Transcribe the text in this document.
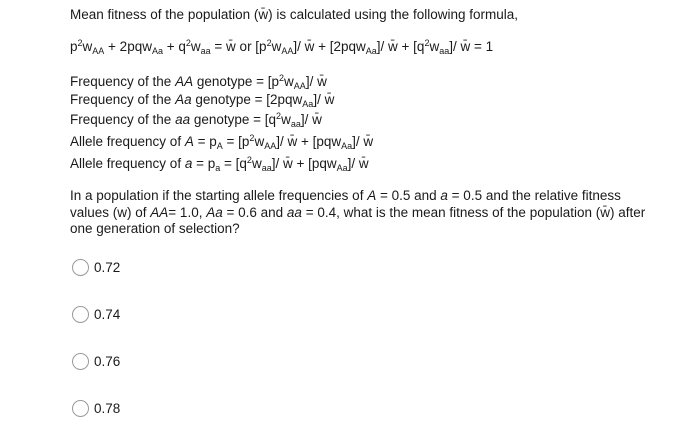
Mean fitness of the population (w̄) is calculated using the following formula,
$p^2w_{AA} + 2pqw_{Aa} + q^2w_{aa}$ = w̄ or $[p^2w_{AA}]/$ w̄ + [2pqw$_{Aa}$]/ w̄ + $[q^2w_{aa}]/$ w̄ = 1
Frequency of the AA genotype = $[p^2w_{AA}]/$ w̄
Frequency of the Aa genotype = [2pqw$_{Aa}$]/ w̄
Frequency of the aa genotype = $[q^2w_{aa}]/$ w̄
Allele frequency of $A = p_A = [p^2w_{AA}]/$ w̄ + [pqw$_{Aa}$]/ w̄
Allele frequency of $a = p_a = [q^2w_{aa}]/$ w̄ + [pqw$_{Aa}$]/ w̄
In a population if the starting allele frequencies of A = 0.5 and a = 0.5 and the relative fitness values (w) of AA= 1.0, Aa = 0.6 and aa = 0.4, what is the mean fitness of the population (w̄) after one generation of selection?
0.72
0.74
0.76
0.78
